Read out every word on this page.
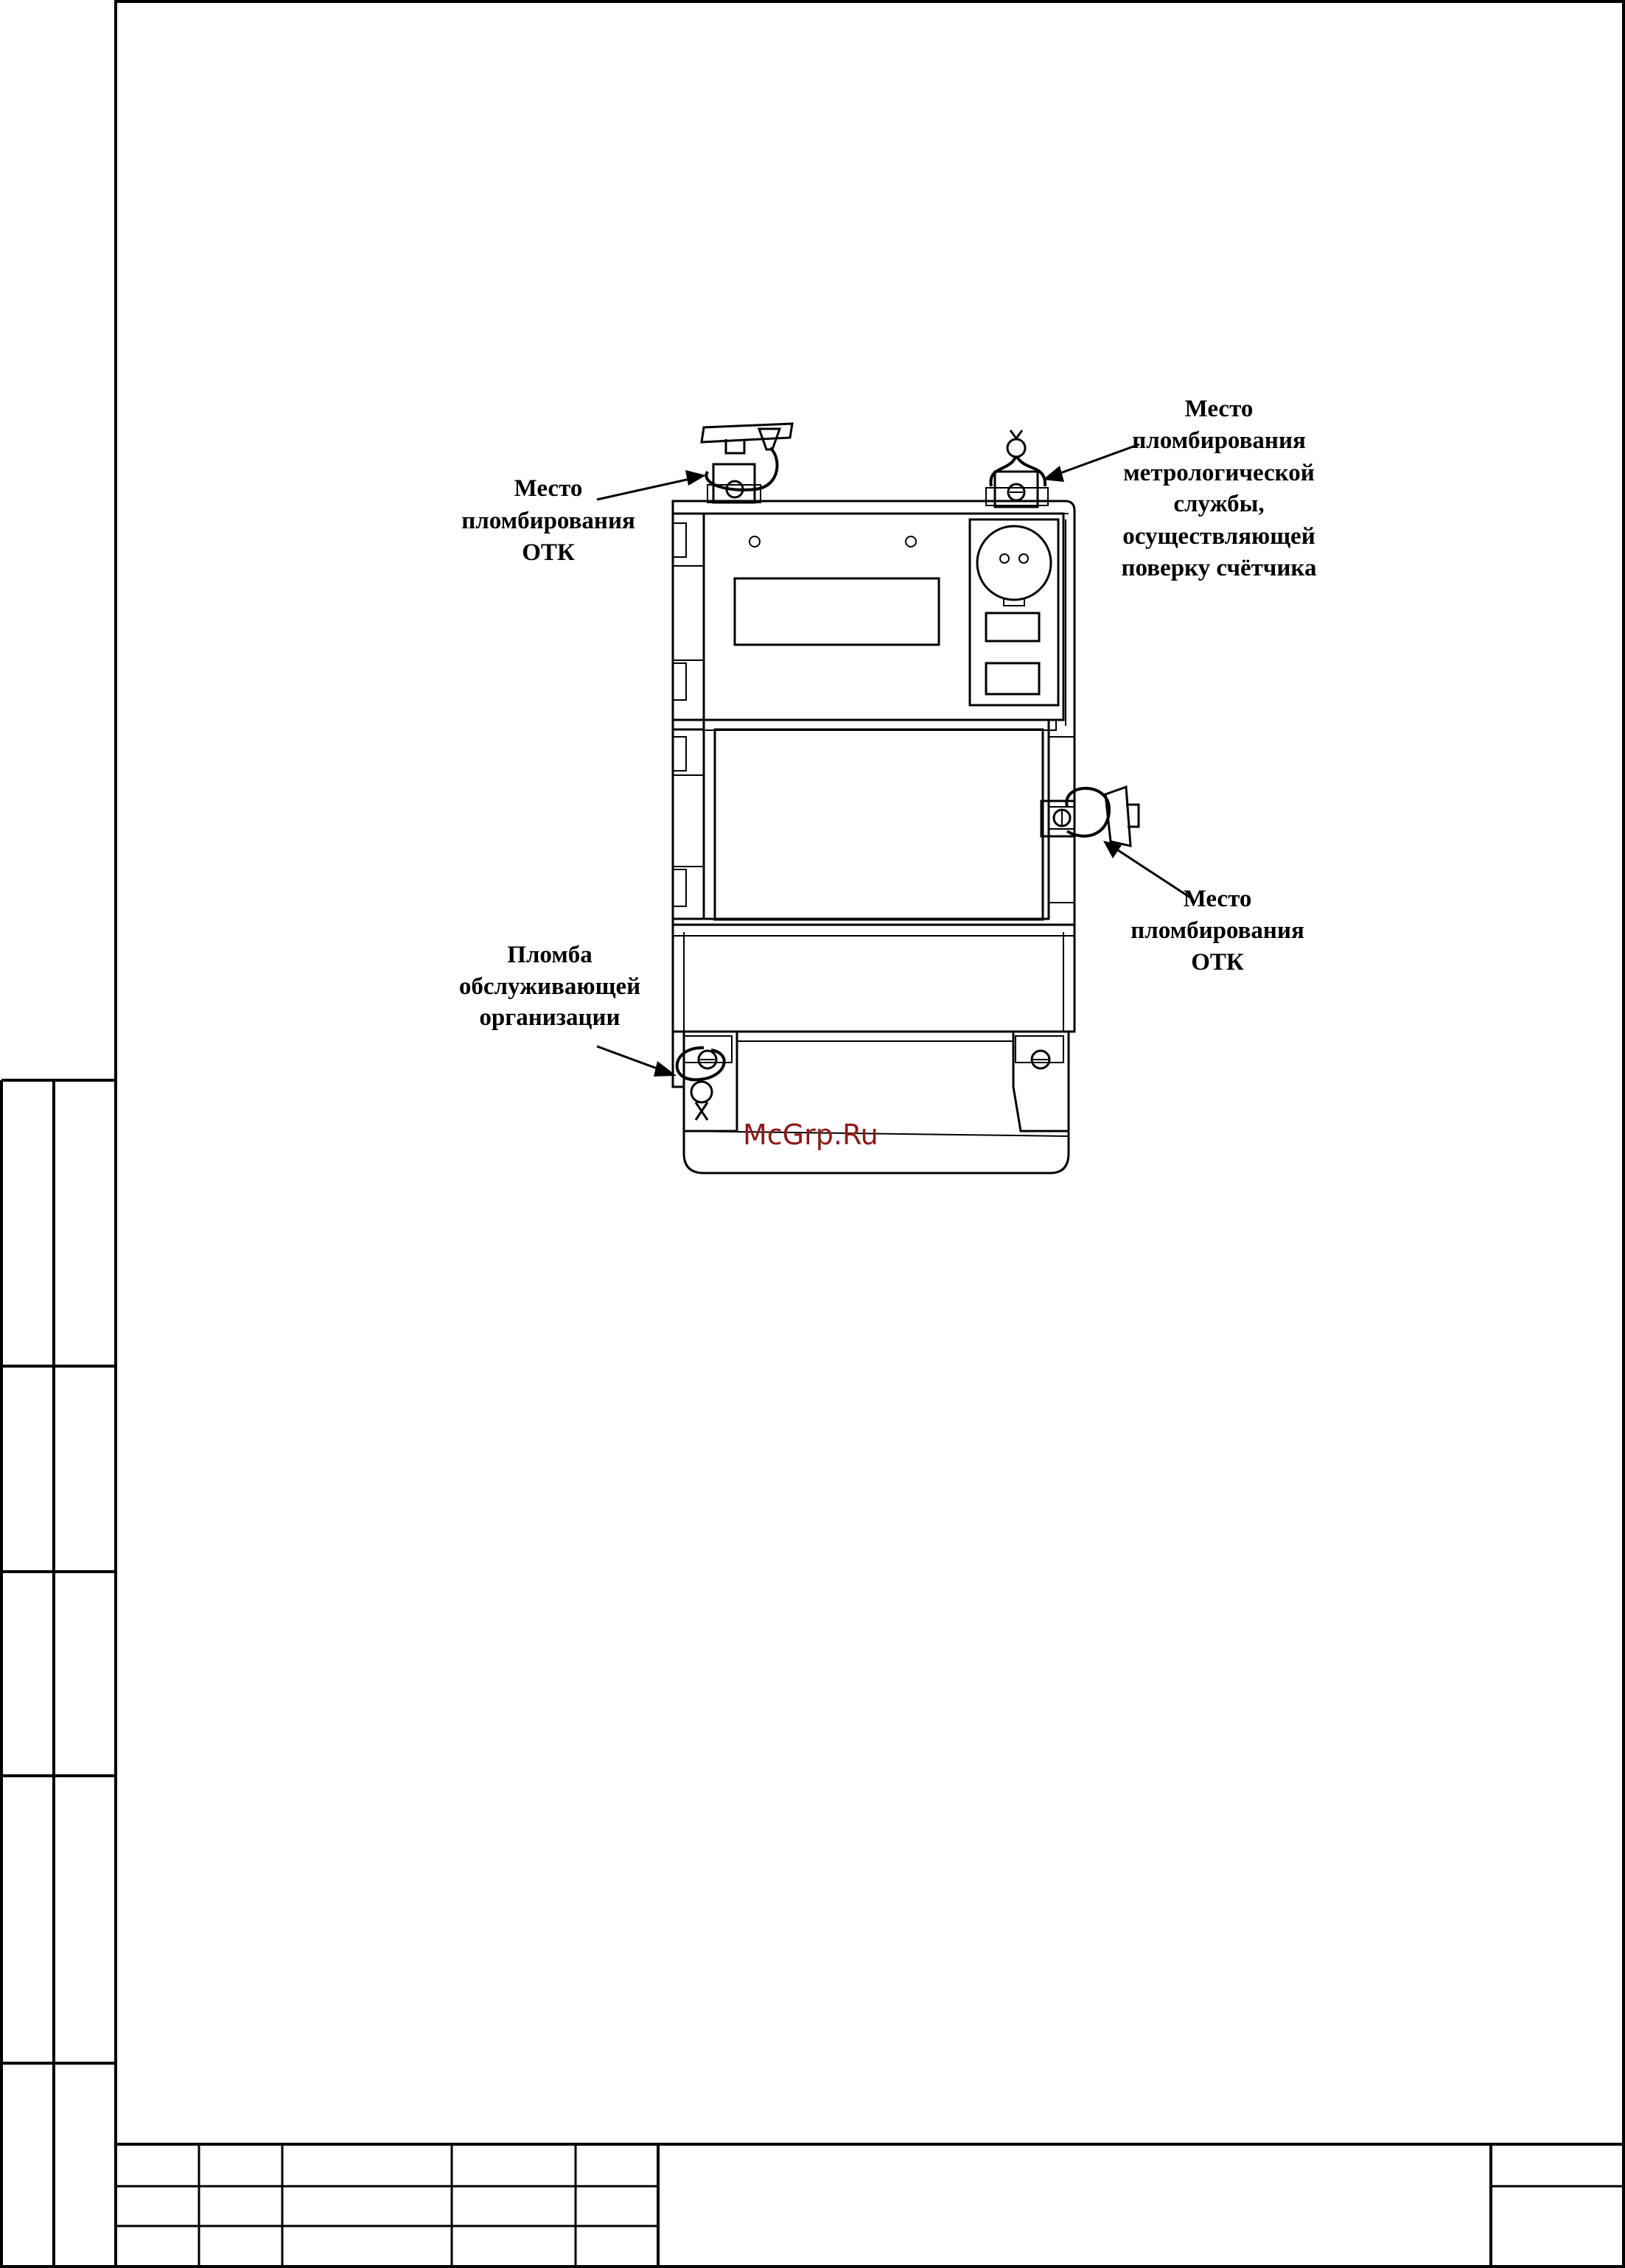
Место
пломбирования
ОТК
Место
пломбирования
метрологической
службы,
осуществляющей
поверку счётчика
Место
пломбирования
ОТК
Пломба
обслуживающей
организации
McGrp.Ru
